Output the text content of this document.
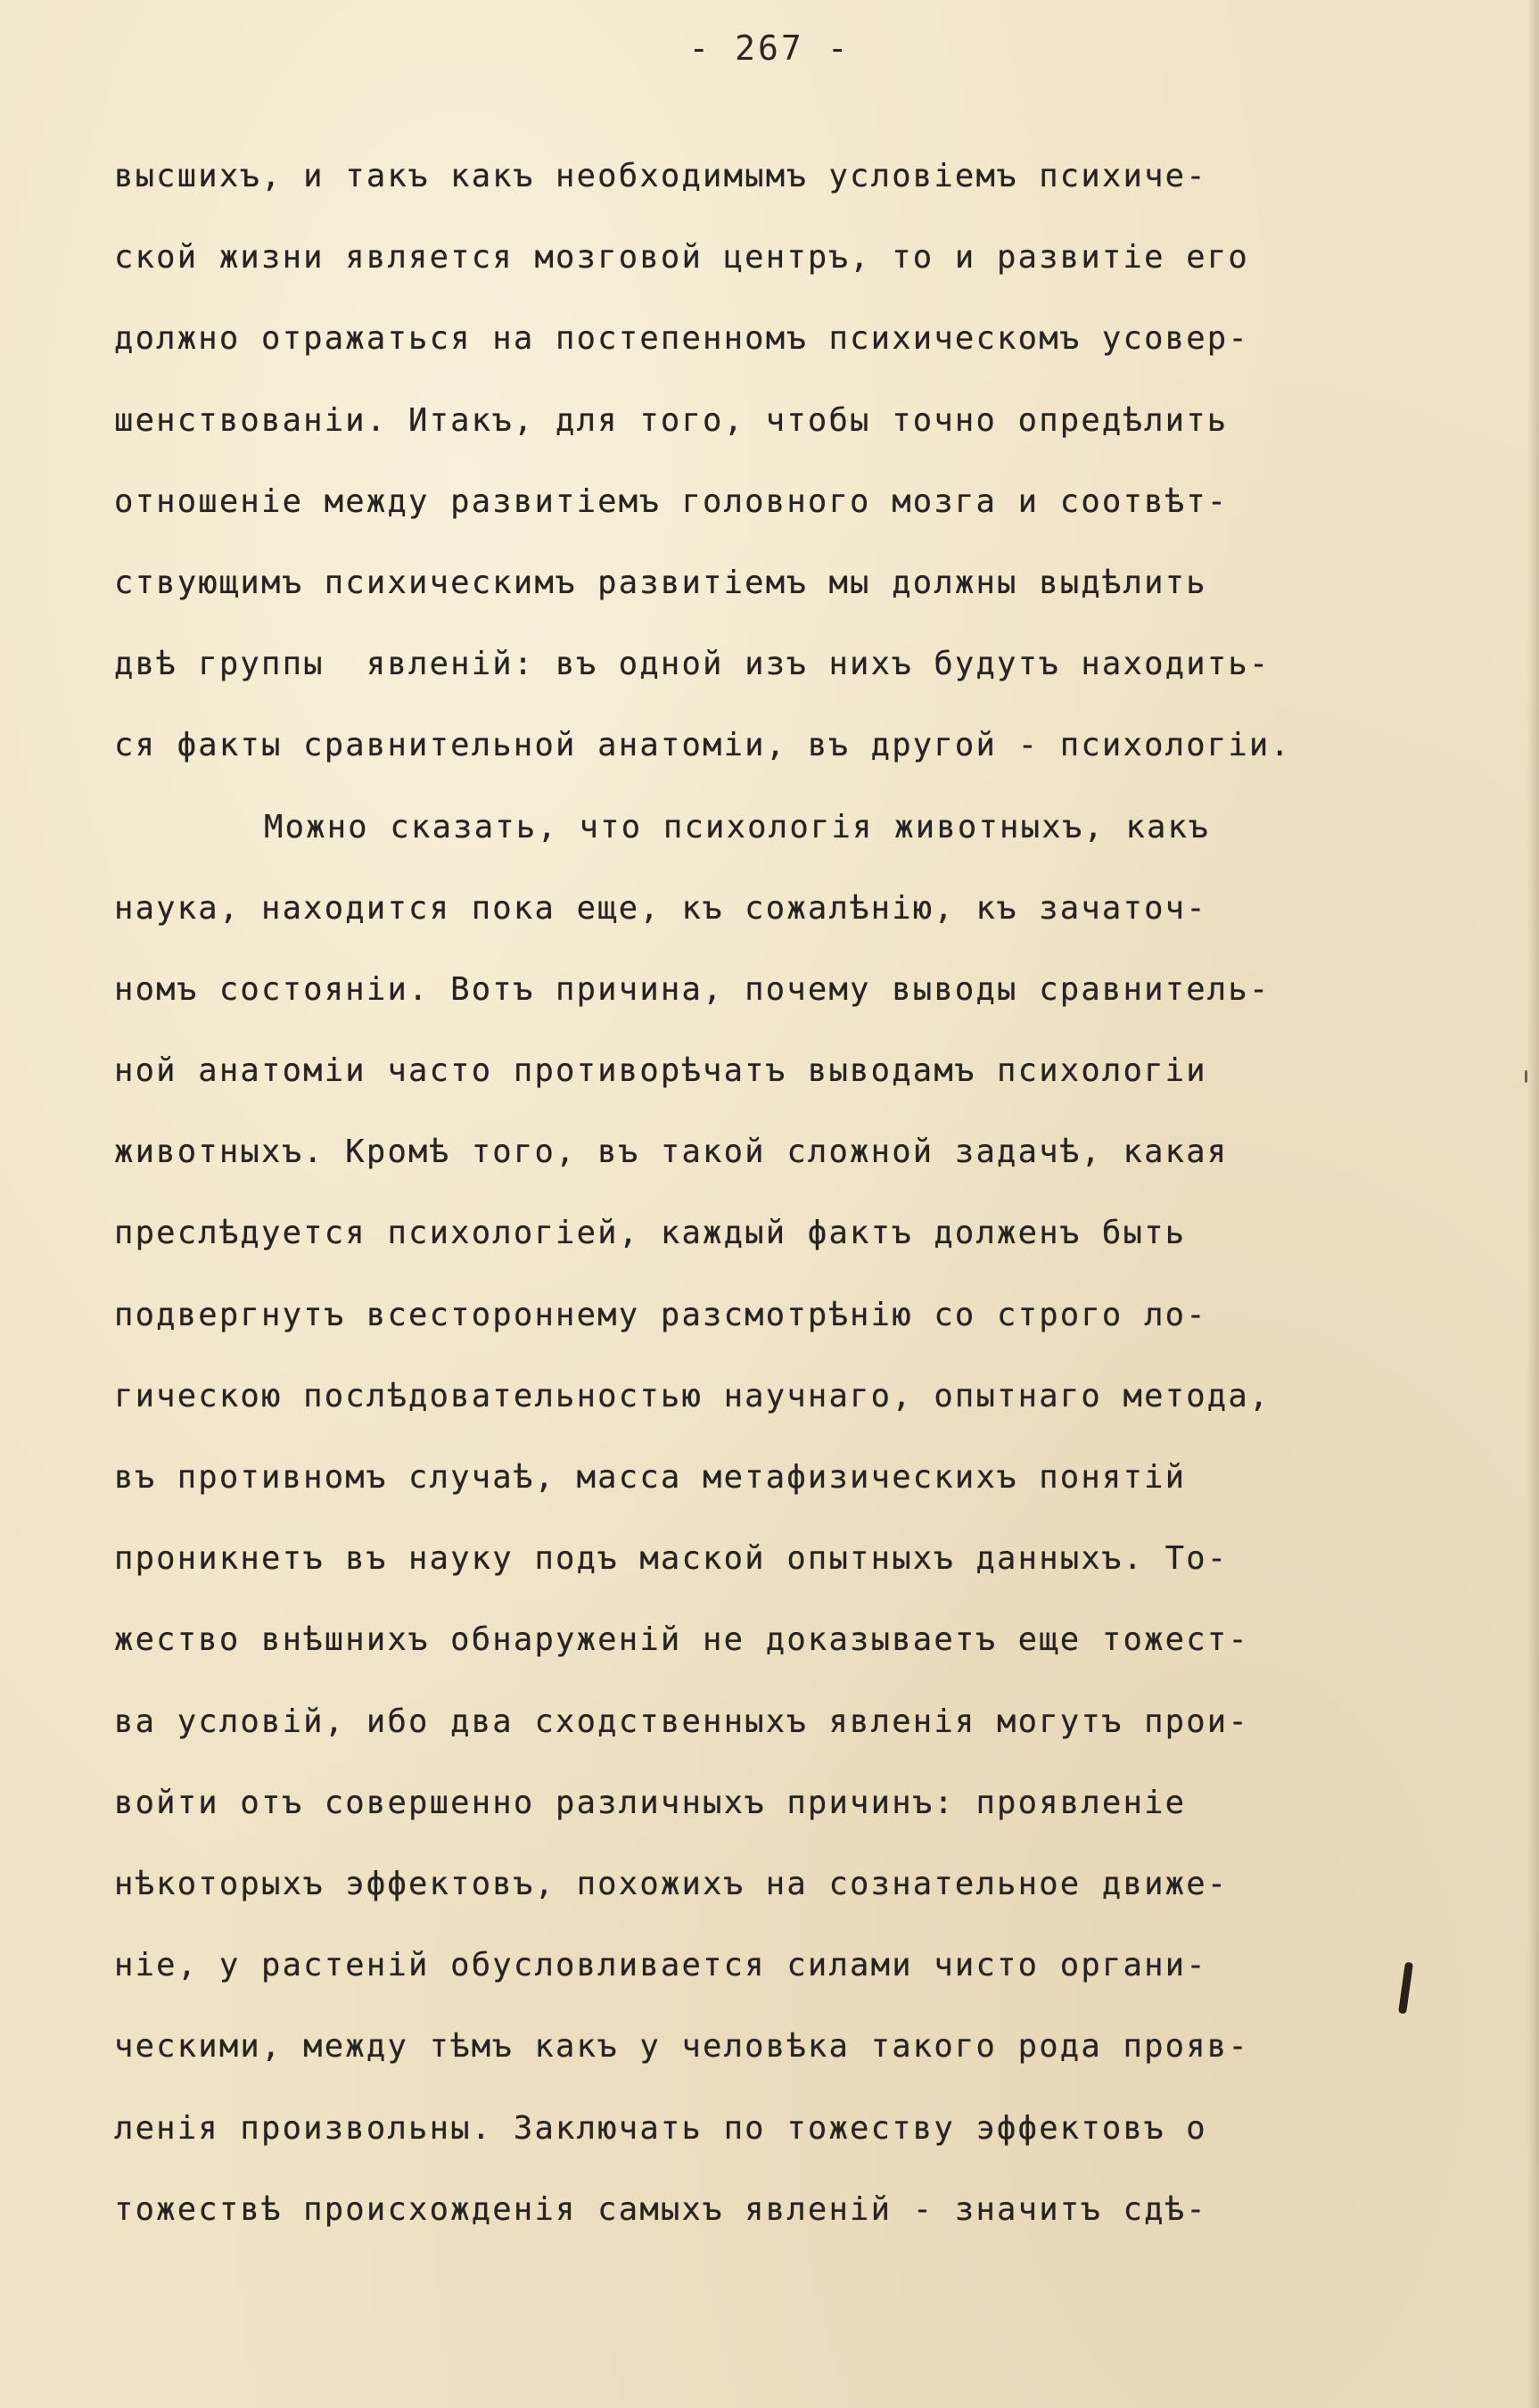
- 267 -

высшихъ, и такъ какъ необходимымъ условіемъ психиче-
ской жизни является мозговой центръ, то и развитіе его
должно отражаться на постепенномъ психическомъ усовер-
шенствованіи. Итакъ, для того, чтобы точно опредѣлить
отношеніе между развитіемъ головного мозга и соотвѣт-
ствующимъ психическимъ развитіемъ мы должны выдѣлить
двѣ группы  явленій: въ одной изъ нихъ будутъ находить-
ся факты сравнительной анатоміи, въ другой - психологіи.
Можно сказать, что психологія животныхъ, какъ
наука, находится пока еще, къ сожалѣнію, къ зачаточ-
номъ состояніи. Вотъ причина, почему выводы сравнитель-
ной анатоміи часто противорѣчатъ выводамъ психологіи
животныхъ. Кромѣ того, въ такой сложной задачѣ, какая
преслѣдуется психологіей, каждый фактъ долженъ быть
подвергнутъ всестороннему разсмотрѣнію со строго ло-
гическою послѣдовательностью научнаго, опытнаго метода,
въ противномъ случаѣ, масса метафизическихъ понятій
проникнетъ въ науку подъ маской опытныхъ данныхъ. То-
жество внѣшнихъ обнаруженій не доказываетъ еще тожест-
ва условій, ибо два сходственныхъ явленія могутъ прои-
войти отъ совершенно различныхъ причинъ: проявленіе
нѣкоторыхъ эффектовъ, похожихъ на сознательное движе-
ніе, у растеній обусловливается силами чисто органи-
ческими, между тѣмъ какъ у человѣка такого рода прояв-
ленія произвольны. Заключать по тожеству эффектовъ о
тожествѣ происхожденія самыхъ явленій - значитъ сдѣ-
